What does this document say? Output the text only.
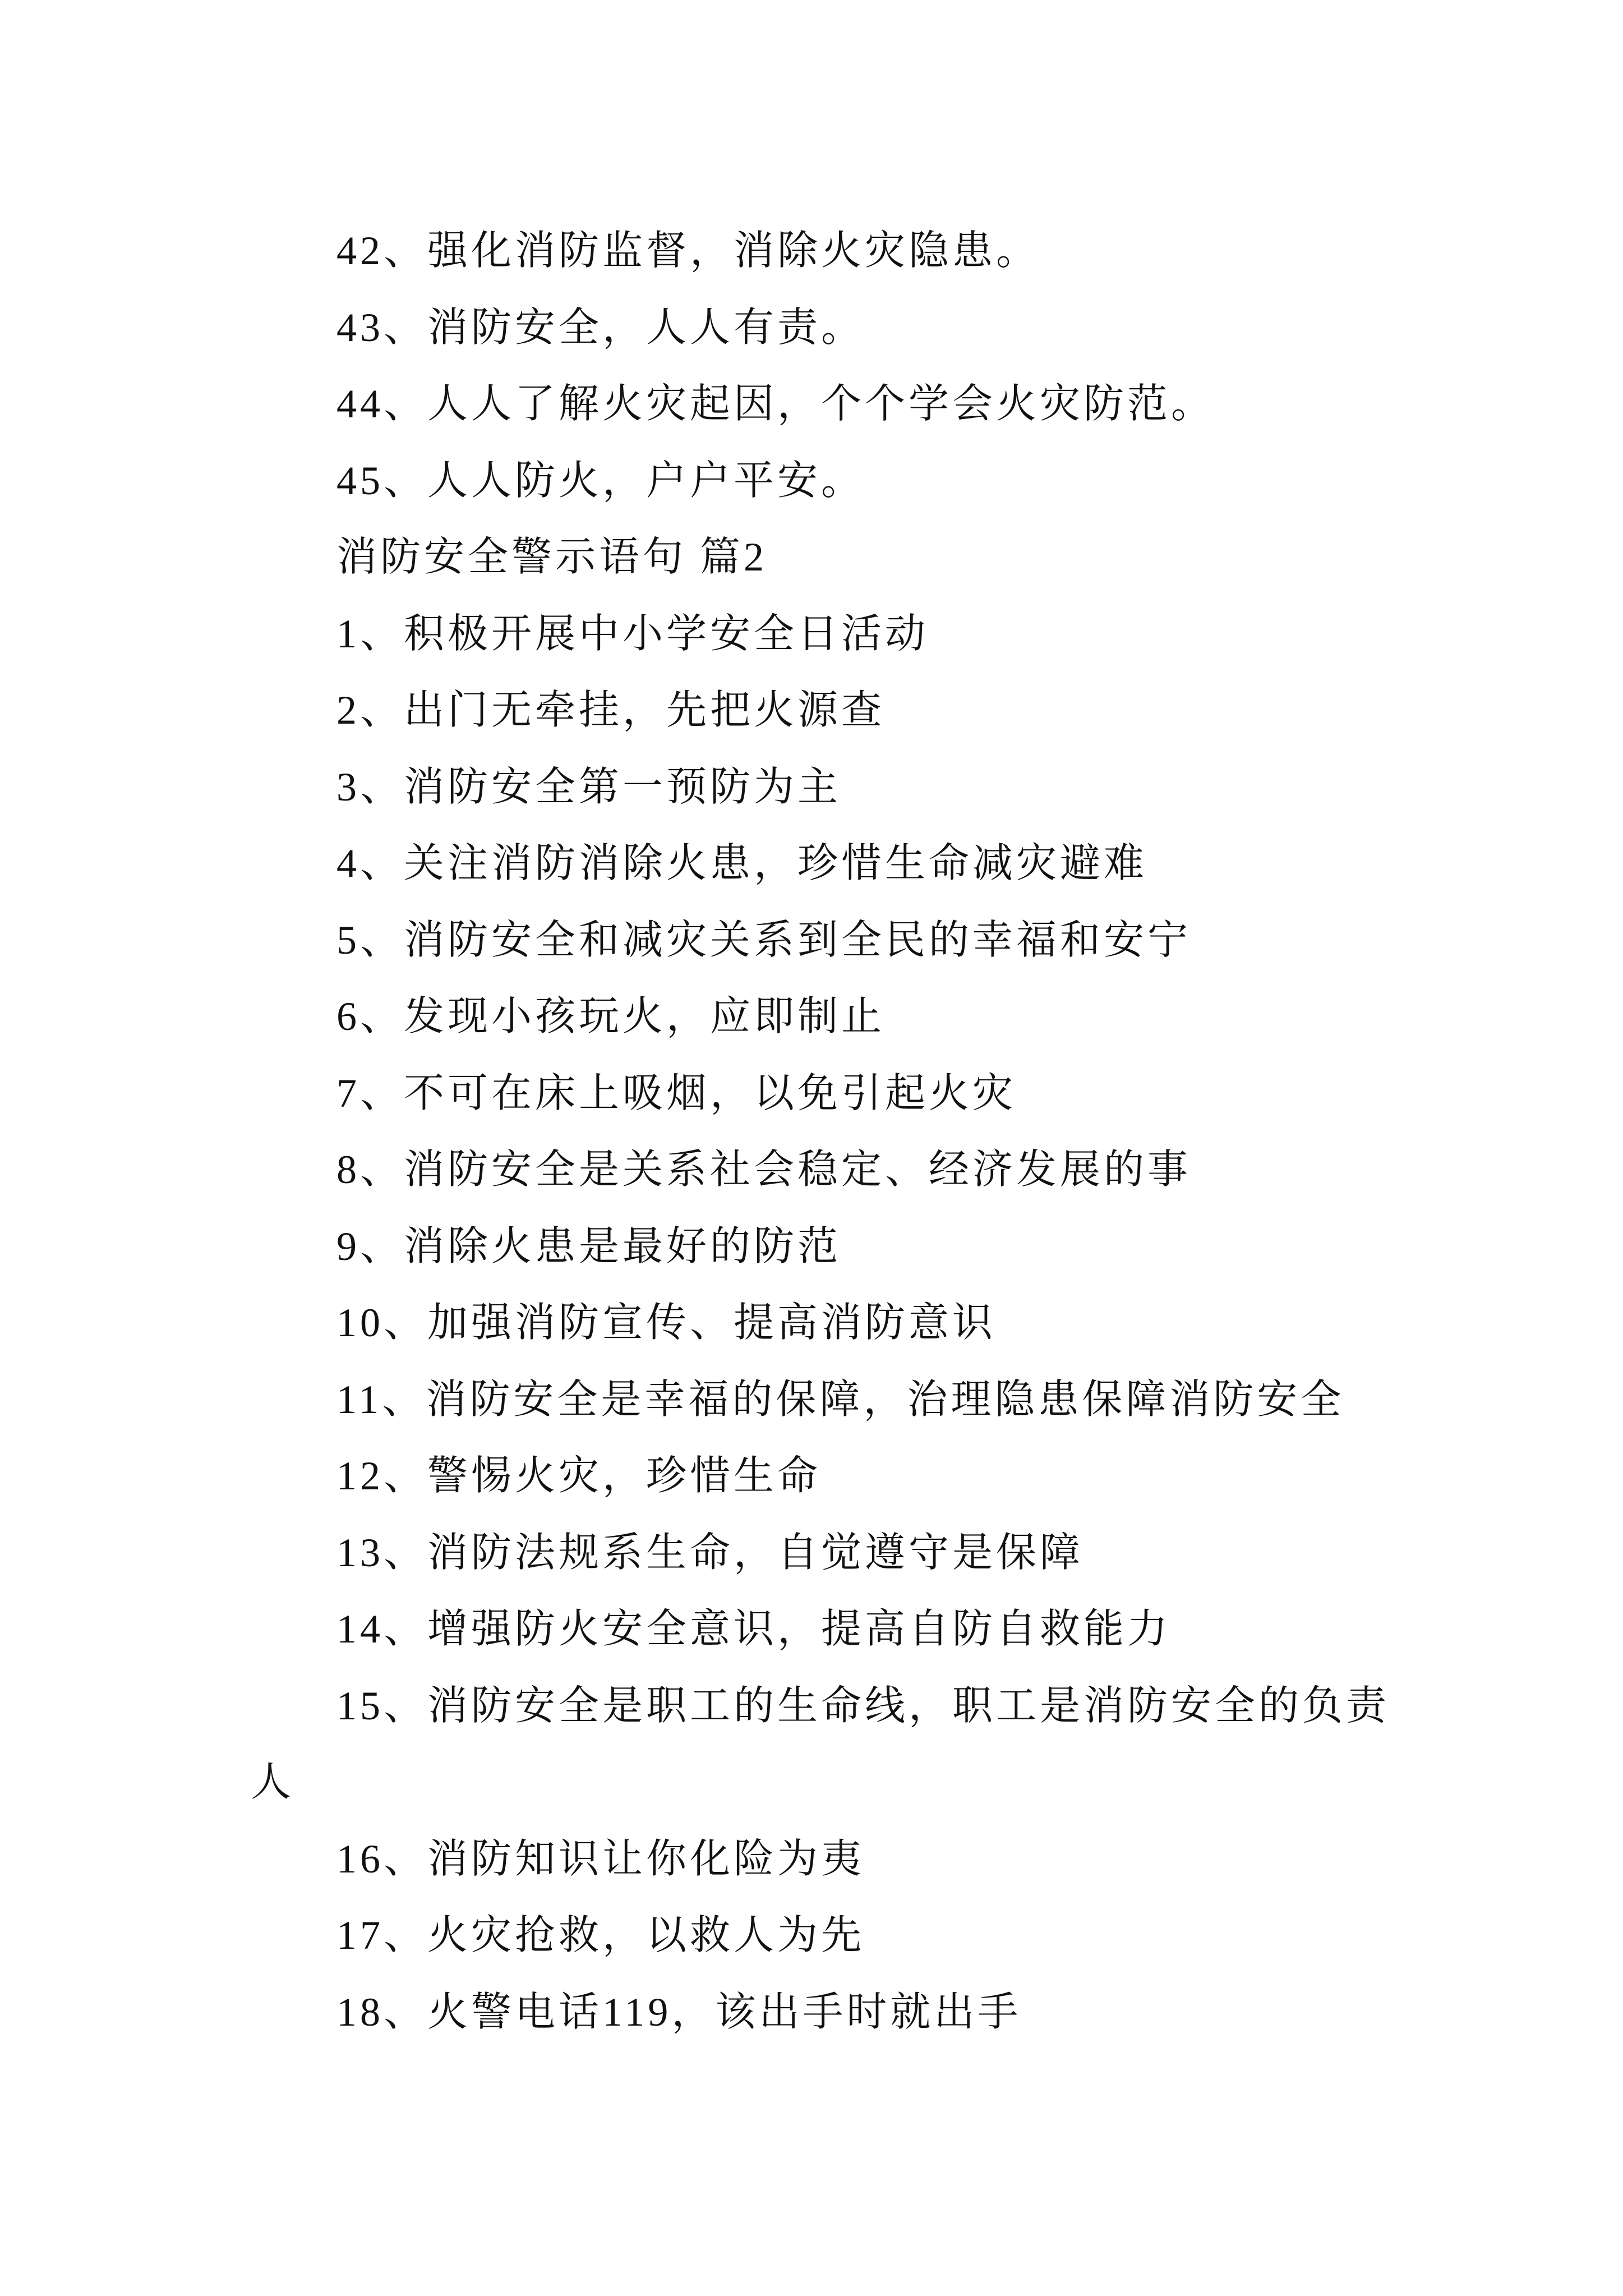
42、强化消防监督，消除火灾隐患。

43、消防安全，人人有责。

44、人人了解火灾起因，个个学会火灾防范。

45、人人防火，户户平安。

消防安全警示语句 篇2

1、积极开展中小学安全日活动

2、出门无牵挂，先把火源查

3、消防安全第一预防为主

4、关注消防消除火患，珍惜生命减灾避难

5、消防安全和减灾关系到全民的幸福和安宁

6、发现小孩玩火，应即制止

7、不可在床上吸烟，以免引起火灾

8、消防安全是关系社会稳定、经济发展的事

9、消除火患是最好的防范

10、加强消防宣传、提高消防意识

11、消防安全是幸福的保障，治理隐患保障消防安全

12、警惕火灾，珍惜生命

13、消防法规系生命，自觉遵守是保障

14、增强防火安全意识，提高自防自救能力

15、消防安全是职工的生命线，职工是消防安全的负责人

16、消防知识让你化险为夷

17、火灾抢救，以救人为先

18、火警电话119，该出手时就出手
